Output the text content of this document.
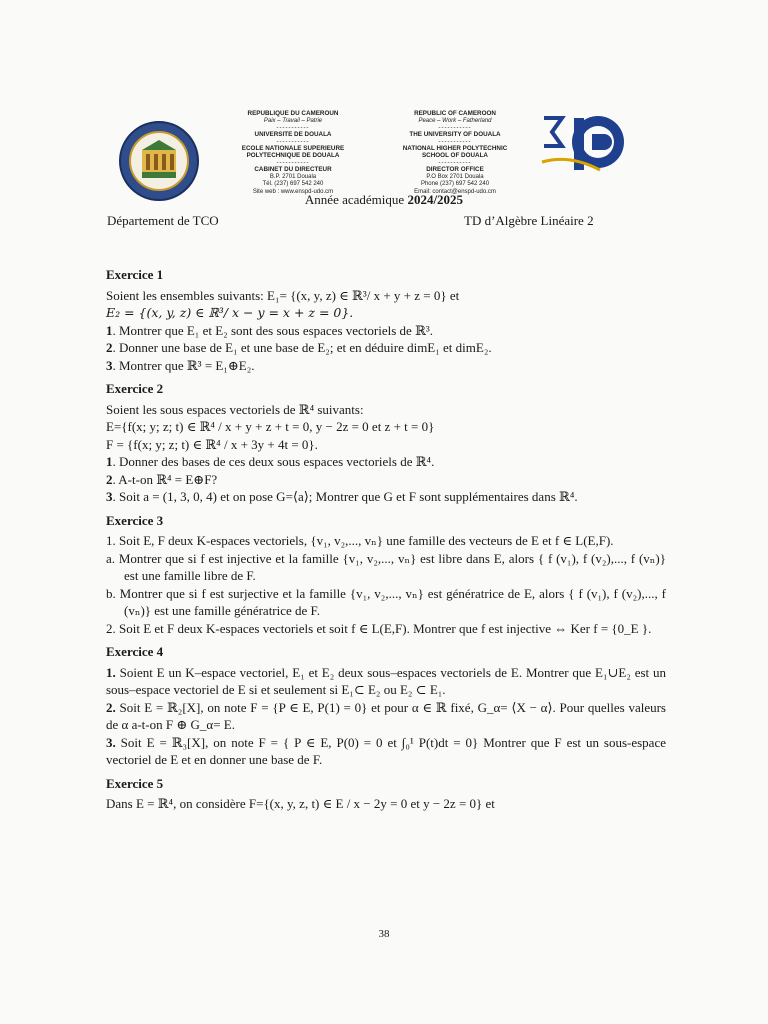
REPUBLIQUE DU CAMEROUN
Paix – Travail – Patrie
-----------
UNIVERSITE DE DOUALA
-----------
ECOLE NATIONALE SUPERIEURE
POLYTECHNIQUE DE DOUALA
-----------
CABINET DU DIRECTEUR
B.P. 2701 Douala
Tél. (237) 697 542 240
Site web : www.enspd-udo.cm
REPUBLIC OF CAMEROON
Peace – Work – Fatherland
-----------
THE UNIVERSITY OF DOUALA
-----------
NATIONAL HIGHER POLYTECHNIC
SCHOOL OF DOUALA
-----------
DIRECTOR OFFICE
P.O Box 2701 Douala
Phone (237) 697 542 240
Email: contact@enspd-udo.cm
Année académique 2024/2025
Département de TCO	TD d’Algèbre Linéaire 2
Exercice 1

Soient les ensembles suivants: E₁= {(x, y, z) ∈ ℝ³/ x + y + z = 0} et

E₂ = {(x, y, z) ∈ ℝ³/ x − y = x + z = 0}.

1. Montrer que E₁ et E₂ sont des sous espaces vectoriels de ℝ³.

2. Donner une base de E₁ et une base de E₂; et en déduire dimE₁ et dimE₂.

3. Montrer que ℝ³ = E₁⊕E₂.

Exercice 2

Soient les sous espaces vectoriels de ℝ⁴ suivants:

E={f(x; y; z; t) ∈ ℝ⁴ / x + y + z + t = 0, y − 2z = 0 et z + t = 0}

F = {f(x; y; z; t) ∈ ℝ⁴ / x + 3y + 4t = 0}.

1. Donner des bases de ces deux sous espaces vectoriels de ℝ⁴.

2. A-t-on ℝ⁴ = E⊕F?

3. Soit a = (1, 3, 0, 4) et on pose G=⟨a⟩; Montrer que G et F sont supplémentaires dans ℝ⁴.

Exercice 3

1. Soit E, F deux K-espaces vectoriels, {v₁, v₂,..., vₙ} une famille des vecteurs de E et f ∈ L(E,F).

a. Montrer que si f est injective et la famille {v₁, v₂,..., vₙ} est libre dans E, alors { f (v₁), f (v₂),..., f (vₙ)} est une famille libre de F.

b. Montrer que si f est surjective et la famille {v₁, v₂,..., vₙ} est génératrice de E, alors { f (v₁), f (v₂),..., f (vₙ)} est une famille génératrice de F.

2. Soit E et F deux K-espaces vectoriels et soit f ∈ L(E,F). Montrer que f est injective ⇔ Ker f = {0_E }.

Exercice 4

1. Soient E un K–espace vectoriel, E₁ et E₂ deux sous–espaces vectoriels de E. Montrer que E₁∪E₂ est un sous–espace vectoriel de E si et seulement si E₁⊂ E₂ ou E₂ ⊂ E₁.

2. Soit E = ℝ₂[X], on note F = {P ∈ E, P(1) = 0} et pour α ∈ ℝ fixé, G_α= ⟨X − α⟩. Pour quelles valeurs de α a-t-on F ⊕ G_α= E.

3. Soit E = ℝ₃[X], on note F = { P ∈ E, P(0) = 0 et ∫₀¹ P(t)dt = 0} Montrer que F est un sous-espace vectoriel de E et en donner une base de F.

Exercice 5

Dans E = ℝ⁴, on considère F={(x, y, z, t) ∈ E / x − 2y = 0 et y − 2z = 0} et

38
